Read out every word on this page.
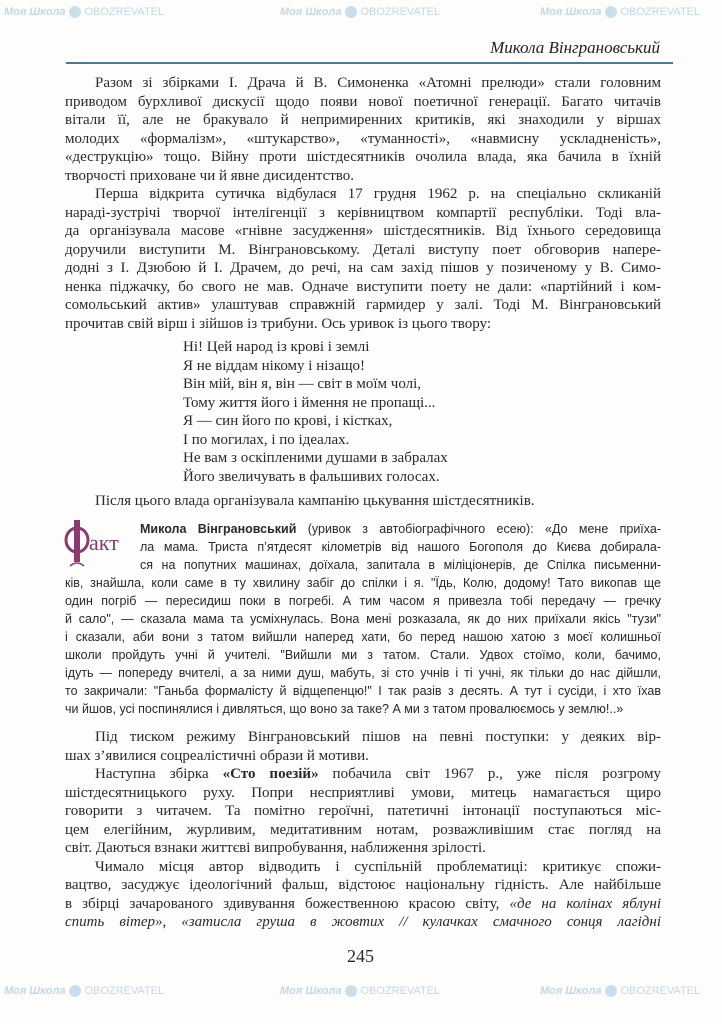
Моя Школа OBOZREVATEL	Моя Школа OBOZREVATEL
Моя Школа OBOZREVATEL
Моя Школа OBOZREVATEL	Моя Школа OBOZREVATEL	Моя Школа OBOZREVATEL
Микола Вінграновський
Разом зі збірками І. Драча й В. Симоненка «Атомні прелюди» стали головним
приводом бурхливої дискусії щодо появи нової поетичної генерації. Багато читачів
вітали її, але не бракувало й непримиренних критиків, які знаходили у віршах
молодих «формалізм», «штукарство», «туманності», «навмисну ускладненість»,
«деструкцію» тощо. Війну проти шістдесятників очолила влада, яка бачила в їхній
творчості приховане чи й явне дисидентство.
Перша відкрита сутичка відбулася 17 грудня 1962 р. на спеціально скликаній
нараді-зустрічі творчої інтелігенції з керівництвом компартії республіки. Тоді вла-
да організувала масове «гнівне засудження» шістдесятників. Від їхнього середовища
доручили виступити М. Вінграновському. Деталі виступу поет обговорив напере-
додні з І. Дзюбою й І. Драчем, до речі, на сам захід пішов у позиченому у В. Симо-
ненка піджачку, бо свого не мав. Одначе виступити поету не дали: «партійний і ком-
сомольський актив» улаштував справжній гармидер у залі. Тоді М. Вінграновський
прочитав свій вірш і зійшов із трибуни. Ось уривок із цього твору:
Ні! Цей народ із крові і землі
Я не віддам нікому і нізащо!
Він мій, він я, він — світ в моїм чолі,
Тому життя його і ймення не пропащі...
Я — син його по крові, і кістках,
І по могилах, і по ідеалах.
Не вам з оскіпленими душами в забралах
Його звеличувать в фальшивих голосах.
Після цього влада організувала кампанію цькування шістдесятників.
акт
Микола Вінграновський (уривок з автобіографічного есею): «До мене приїха-
ла мама. Триста п’ятдесят кілометрів від нашого Богополя до Києва добирала-
ся на попутних машинах, доїхала, запитала в міліціонерів, де Спілка письменни-
ків, знайшла, коли саме в ту хвилину забіг до спілки і я. "Їдь, Колю, додому! Тато викопав ще
один погріб — пересидиш поки в погребі. А тим часом я привезла тобі передачу — гречку
й сало", — сказала мама та усміхнулась. Вона мені розказала, як до них приїхали якісь "тузи"
і сказали, аби вони з татом вийшли наперед хати, бо перед нашою хатою з моєї колишньої
школи пройдуть учні й учителі. "Вийшли ми з татом. Стали. Удвох стоїмо, коли, бачимо,
ідуть — попереду вчителі, а за ними душ, мабуть, зі сто учнів і ті учні, як тільки до нас дійшли,
то закричали: "Ганьба формалісту й відщепенцю!" І так разів з десять. А тут і сусіди, і хто їхав
чи йшов, усі поспинялися і дивляться, що воно за таке? А ми з татом провалюємось у землю!..»
Під тиском режиму Вінграновський пішов на певні поступки: у деяких вір-
шах з’явилися соцреалістичні образи й мотиви.
Наступна збірка «Сто поезій» побачила світ 1967 р., уже після розгрому
шістдесятницького руху. Попри несприятливі умови, митець намагається щиро
говорити з читачем. Та помітно героїчні, патетичні інтонації поступаються міс-
цем елегійним, журливим, медитативним нотам, розважливішим стає погляд на
світ. Даються взнаки життєві випробування, наближення зрілості.
Чимало місця автор відводить і суспільній проблематиці: критикує спожи-
вацтво, засуджує ідеологічний фальш, відстоює національну гідність. Але найбільше
в збірці зачарованого здивування божественною красою світу, «де на колінах яблуні
спить вітер», «затисла груша в жовтих // кулачках смачного сонця лагідні
245
